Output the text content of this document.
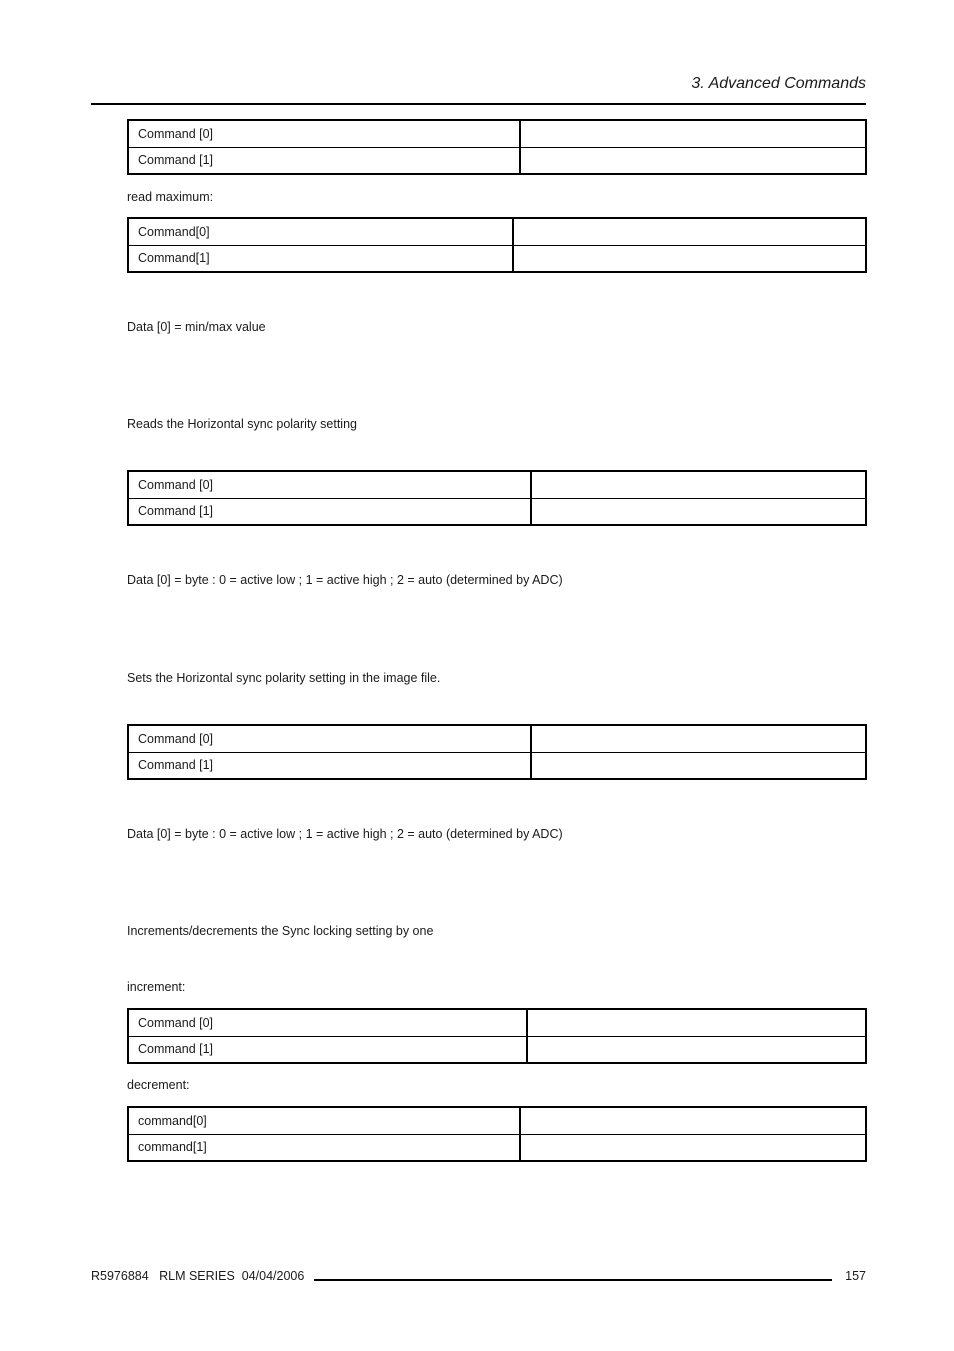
3. Advanced Commands
Command [0]	
Command [1]	
read maximum:
Command[0]	
Command[1]	
Data [0] = min/max value
Reads the Horizontal sync polarity setting
Command [0]	
Command [1]	
Data [0] = byte : 0 = active low ; 1 = active high ; 2 = auto (determined by ADC)
Sets the Horizontal sync polarity setting in the image file.
Command [0]	
Command [1]	
Data [0] = byte : 0 = active low ; 1 = active high ; 2 = auto (determined by ADC)
Increments/decrements the Sync locking setting by one
increment:
Command [0]	
Command [1]	
decrement:
command[0]	
command[1]	
R5976884   RLM SERIES  04/04/2006	157
